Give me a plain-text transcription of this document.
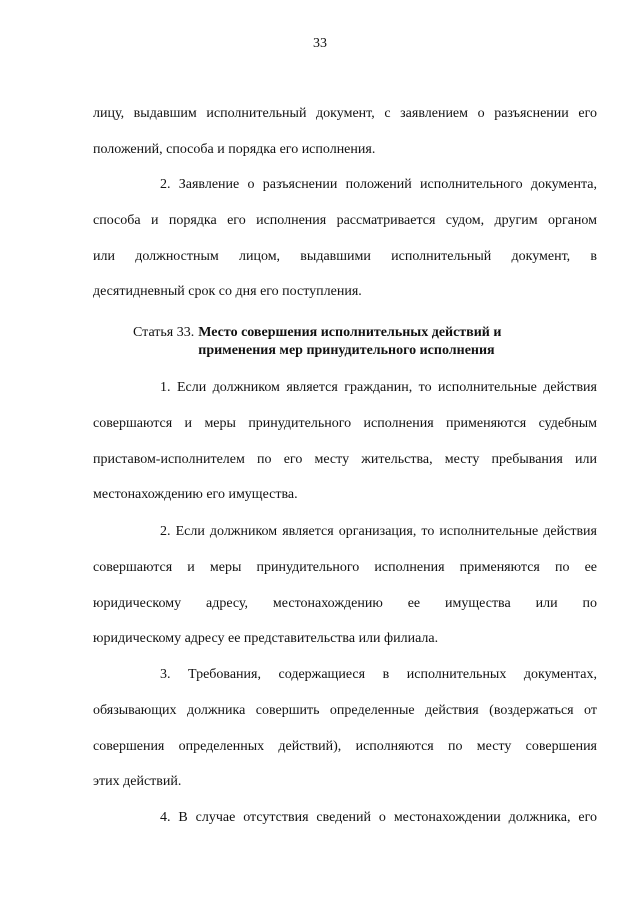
33
лицу, выдавшим исполнительный документ, с заявлением о разъяснении его
положений, способа и порядка его исполнения.
2. Заявление о разъяснении положений исполнительного документа,
способа и порядка его исполнения рассматривается судом, другим органом
или должностным лицом, выдавшими исполнительный документ, в
десятидневный срок со дня его поступления.
Статья 33. Место совершения исполнительных действий и
применения мер принудительного исполнения
1. Если должником является гражданин, то исполнительные действия
совершаются и меры принудительного исполнения применяются судебным
приставом-исполнителем по его месту жительства, месту пребывания или
местонахождению его имущества.
2. Если должником является организация, то исполнительные действия
совершаются и меры принудительного исполнения применяются по ее
юридическому адресу, местонахождению ее имущества или по
юридическому адресу ее представительства или филиала.
3. Требования, содержащиеся в исполнительных документах,
обязывающих должника совершить определенные действия (воздержаться от
совершения определенных действий), исполняются по месту совершения
этих действий.
4. В случае отсутствия сведений о местонахождении должника, его
